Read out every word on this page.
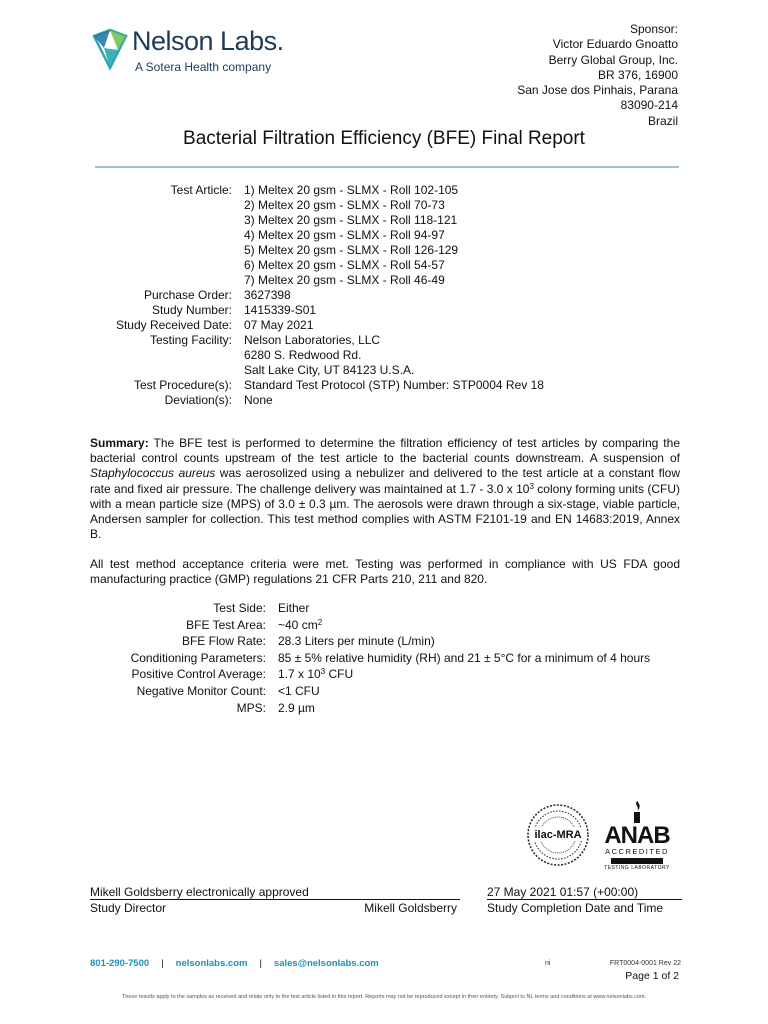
Nelson Labs.
A Sotera Health company
Sponsor:
Victor Eduardo Gnoatto
Berry Global Group, Inc.
BR 376, 16900
San Jose dos Pinhais, Parana
83090-214
Brazil
Bacterial Filtration Efficiency (BFE) Final Report
Test Article:	1) Meltex 20 gsm - SLMX - Roll 102-105
2) Meltex 20 gsm - SLMX - Roll 70-73
3) Meltex 20 gsm - SLMX - Roll 118-121
4) Meltex 20 gsm - SLMX - Roll 94-97
5) Meltex 20 gsm - SLMX - Roll 126-129
6) Meltex 20 gsm - SLMX - Roll 54-57
7) Meltex 20 gsm - SLMX - Roll 46-49
Purchase Order:	3627398
Study Number:	1415339-S01
Study Received Date:	07 May 2021
Testing Facility:	Nelson Laboratories, LLC
6280 S. Redwood Rd.
Salt Lake City, UT 84123 U.S.A.
Test Procedure(s):	Standard Test Protocol (STP) Number: STP0004 Rev 18
Deviation(s):	None
Summary: The BFE test is performed to determine the filtration efficiency of test articles by comparing the bacterial control counts upstream of the test article to the bacterial counts downstream. A suspension of Staphylococcus aureus was aerosolized using a nebulizer and delivered to the test article at a constant flow rate and fixed air pressure. The challenge delivery was maintained at 1.7 - 3.0 x $10^3$ colony forming units (CFU) with a mean particle size (MPS) of 3.0 ± 0.3 µm. The aerosols were drawn through a six-stage, viable particle, Andersen sampler for collection. This test method complies with ASTM F2101-19 and EN 14683:2019, Annex B.
All test method acceptance criteria were met. Testing was performed in compliance with US FDA good manufacturing practice (GMP) regulations 21 CFR Parts 210, 211 and 820.
Test Side:	Either
BFE Test Area:	~40 $cm^2$
BFE Flow Rate:	28.3 Liters per minute (L/min)
Conditioning Parameters:	85 ± 5% relative humidity (RH) and 21 ± 5°C for a minimum of 4 hours
Positive Control Average:	1.7 x $10^3$ CFU
Negative Monitor Count:	<1 CFU
MPS:	2.9 µm
ilac-MRA ANAB
ACCREDITED
TESTING LABORATORY
Mikell Goldsberry electronically approved
Study Director	Mikell Goldsberry
27 May 2021 01:57 (+00:00)
Study Completion Date and Time
801-290-7500 | nelsonlabs.com | sales@nelsonlabs.com	ni	FRT0004-0001 Rev 22
Page 1 of 2
These results apply to the samples as received and relate only to the test article listed in this report. Reports may not be reproduced except in their entirety. Subject to NL terms and conditions at www.nelsonlabs.com.
